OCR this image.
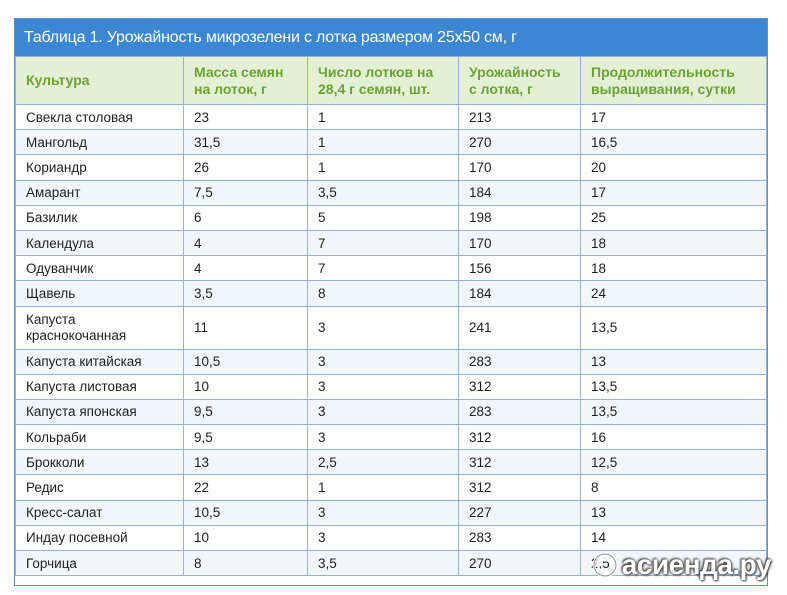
Таблица 1. Урожайность микрозелени с лотка размером 25х50 см, г
Культура	Масса семян на лоток, г	Число лотков на 28,4 г семян, шт.	Урожайность с лотка, г	Продолжительность выращивания, сутки
Свекла столовая	23	1	213	17
Мангольд	31,5	1	270	16,5
Кориандр	26	1	170	20
Амарант	7,5	3,5	184	17
Базилик	6	5	198	25
Календула	4	7	170	18
Одуванчик	4	7	156	18
Щавель	3,5	8	184	24
Капуста краснокочанная	11	3	241	13,5
Капуста китайская	10,5	3	283	13
Капуста листовая	10	3	312	13,5
Капуста японская	9,5	3	283	13,5
Кольраби	9,5	3	312	16
Брокколи	13	2,5	312	12,5
Редис	22	1	312	8
Кресс-салат	10,5	3	227	13
Индау посевной	10	3	283	14
Горчица	8	3,5	270	2,5 асиенда.ру
